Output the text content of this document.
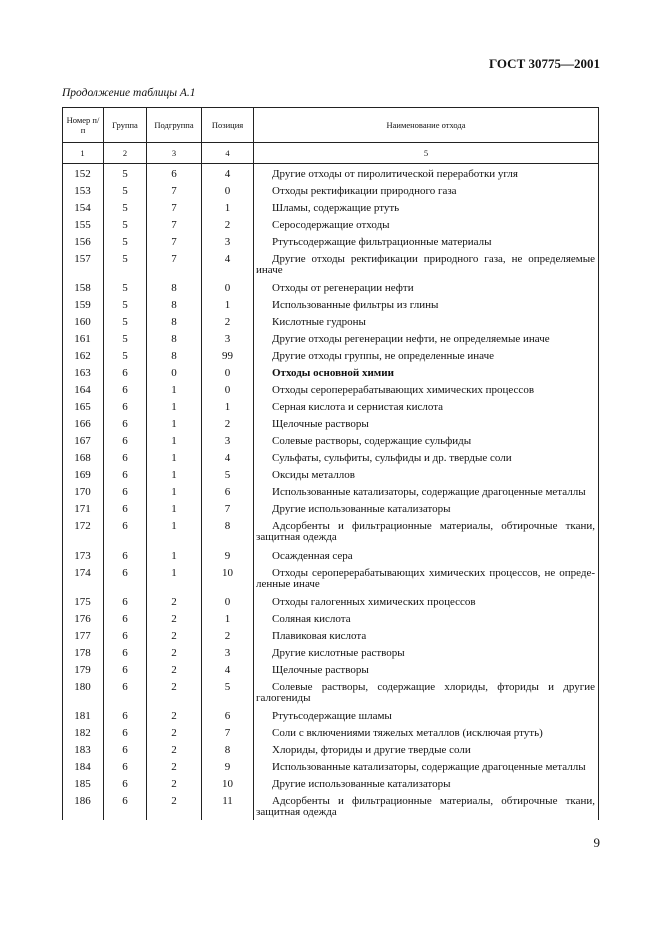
ГОСТ 30775—2001
Продолжение таблицы А.1
Номер п/п	Группа	Подгруппа	Позиция	Наименование отхода
1	2	3	4	5
152	5	6	4	Другие отходы от пиролитической переработки угля
153	5	7	0	Отходы ректификации природного газа
154	5	7	1	Шламы, содержащие ртуть
155	5	7	2	Серосодержащие отходы
156	5	7	3	Ртутьсодержащие фильтрационные материалы
157	5	7	4	Другие отходы ректификации природного газа, не определяемые иначе
158	5	8	0	Отходы от регенерации нефти
159	5	8	1	Использованные фильтры из глины
160	5	8	2	Кислотные гудроны
161	5	8	3	Другие отходы регенерации нефти, не определяемые иначе
162	5	8	99	Другие отходы группы, не определенные иначе
163	6	0	0	Отходы основной химии
164	6	1	0	Отходы сероперерабатывающих химических процессов
165	6	1	1	Серная кислота и сернистая кислота
166	6	1	2	Щелочные растворы
167	6	1	3	Солевые растворы, содержащие сульфиды
168	6	1	4	Сульфаты, сульфиты, сульфиды и др. твердые соли
169	6	1	5	Оксиды металлов
170	6	1	6	Использованные катализаторы, содержащие драгоценные металлы
171	6	1	7	Другие использованные катализаторы
172	6	1	8	Адсорбенты и фильтрационные материалы, обтирочные ткани, защитная одежда
173	6	1	9	Осажденная сера
174	6	1	10	Отходы сероперерабатывающих химических процессов, не опреде-ленные иначе
175	6	2	0	Отходы галогенных химических процессов
176	6	2	1	Соляная кислота
177	6	2	2	Плавиковая кислота
178	6	2	3	Другие кислотные растворы
179	6	2	4	Щелочные растворы
180	6	2	5	Солевые растворы, содержащие хлориды, фториды и другие галогениды
181	6	2	6	Ртутьсодержащие шламы
182	6	2	7	Соли с включениями тяжелых металлов (исключая ртуть)
183	6	2	8	Хлориды, фториды и другие твердые соли
184	6	2	9	Использованные катализаторы, содержащие драгоценные металлы
185	6	2	10	Другие использованные катализаторы
186	6	2	11	Адсорбенты и фильтрационные материалы, обтирочные ткани, защитная одежда
9
